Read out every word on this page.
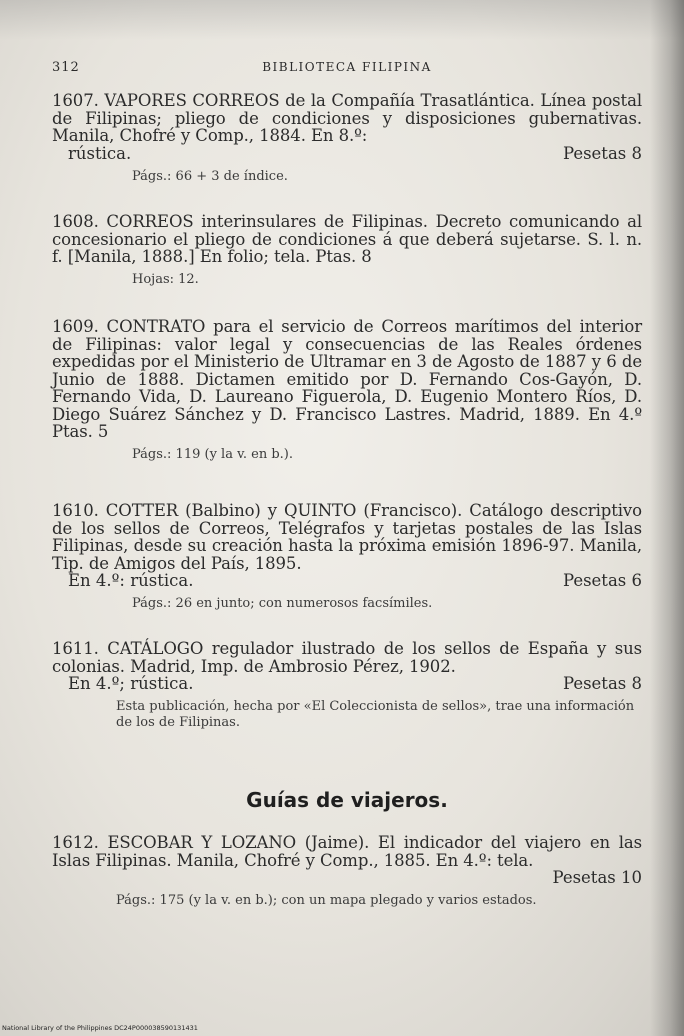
312	BIBLIOTECA FILIPINA
1607. VAPORES CORREOS de la Compañía Trasatlántica. Línea postal de Filipinas; pliego de condiciones y disposiciones gubernativas. Manila, Chofré y Comp., 1884. En 8.º:
rústica.	Pesetas 8
Págs.: 66 + 3 de índice.
1608. CORREOS interinsulares de Filipinas. Decreto comunicando al concesionario el pliego de condiciones á que deberá sujetarse. S. l. n. f. [Manila, 1888.] En folio; tela. Ptas. 8
Hojas: 12.
1609. CONTRATO para el servicio de Correos marítimos del interior de Filipinas: valor legal y consecuencias de las Reales órdenes expedidas por el Ministerio de Ultramar en 3 de Agosto de 1887 y 6 de Junio de 1888. Dictamen emitido por D. Fernando Cos-Gayón, D. Fernando Vida, D. Laureano Figuerola, D. Eugenio Montero Ríos, D. Diego Suárez Sánchez y D. Francisco Lastres. Madrid, 1889. En 4.º Ptas. 5
Págs.: 119 (y la v. en b.).
1610. COTTER (Balbino) y QUINTO (Francisco). Catálogo descriptivo de los sellos de Correos, Telégrafos y tarjetas postales de las Islas Filipinas, desde su creación hasta la próxima emisión 1896-97. Manila, Tip. de Amigos del País, 1895.
En 4.º: rústica.	Pesetas 6
Págs.: 26 en junto; con numerosos facsímiles.
1611. CATÁLOGO regulador ilustrado de los sellos de España y sus colonias. Madrid, Imp. de Ambrosio Pérez, 1902.
En 4.º; rústica.	Pesetas 8
Esta publicación, hecha por «El Coleccionista de sellos», trae una información de los de Filipinas.
Guías de viajeros.
1612. ESCOBAR Y LOZANO (Jaime). El indicador del viajero en las Islas Filipinas. Manila, Chofré y Comp., 1885. En 4.º: tela.
Pesetas 10
Págs.: 175 (y la v. en b.); con un mapa plegado y varios estados.
National Library of the Philippines DC24P000038590131431
